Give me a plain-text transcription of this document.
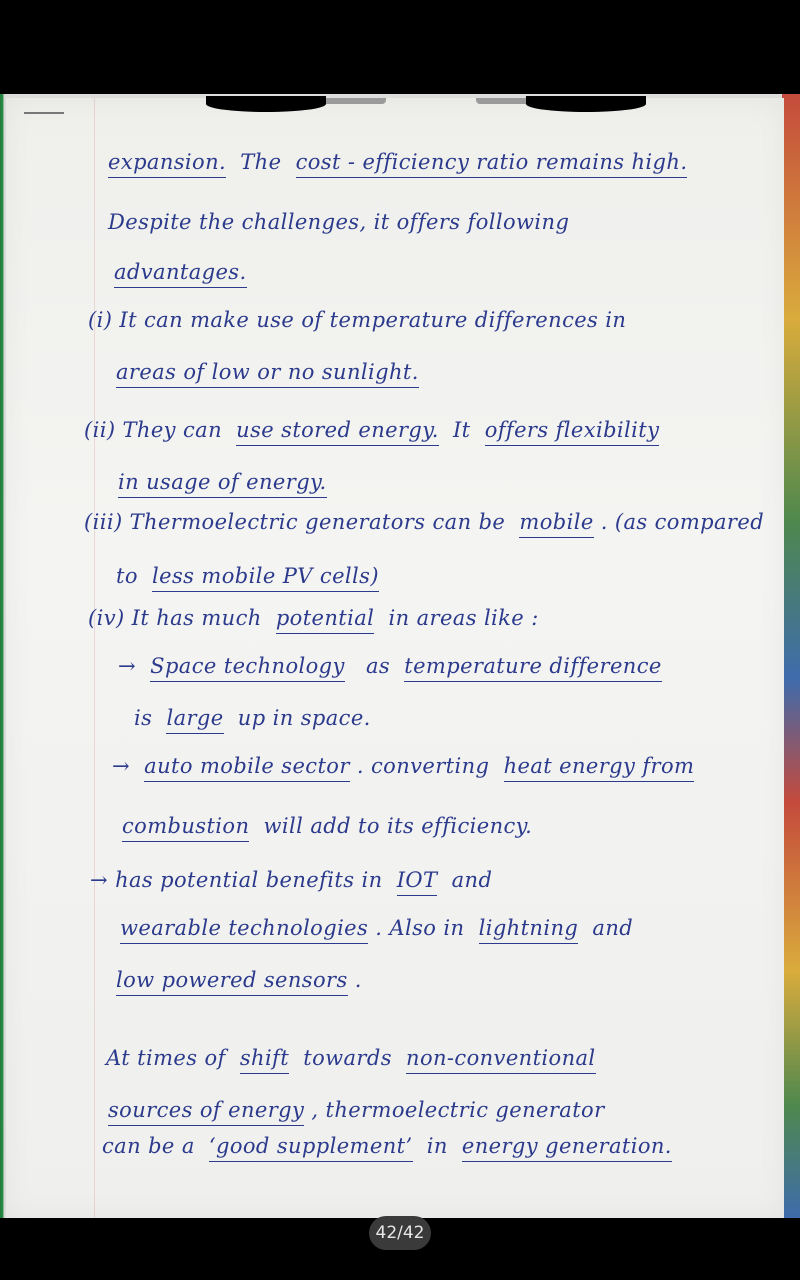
expansion. The cost - efficiency ratio remains high.
Despite the challenges, it offers following
advantages.
(i) It can make use of temperature differences in
areas of low or no sunlight.
(ii) They can use stored energy. It offers flexibility
in usage of energy.
(iii) Thermoelectric generators can be mobile . (as compared
to less mobile PV cells)
(iv) It has much potential in areas like :
→ Space technology as temperature difference
is large up in space.
→ auto mobile sector . converting heat energy from
combustion will add to its efficiency.
→ has potential benefits in IOT and
wearable technologies . Also in lightning and
low powered sensors .
At times of shift towards non-conventional
sources of energy , thermoelectric generator
can be a ‘good supplement’ in energy generation.
42/42
